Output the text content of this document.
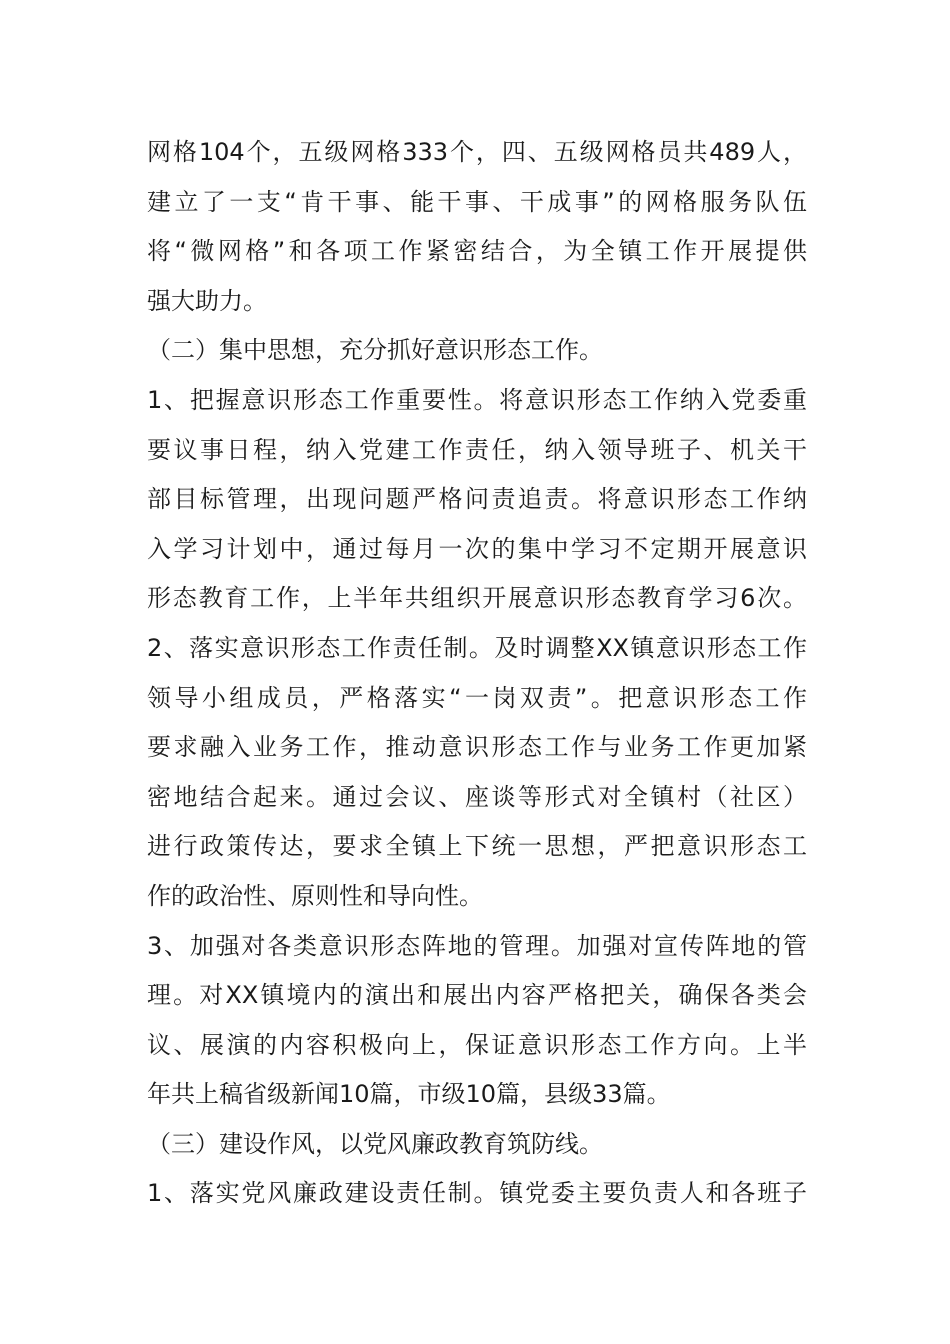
网格104个，五级网格333个，四、五级网格员共489人，
建立了一支“肯干事、能干事、干成事”的网格服务队伍
将“微网格”和各项工作紧密结合，为全镇工作开展提供
强大助力。
（二）集中思想，充分抓好意识形态工作。
1、把握意识形态工作重要性。将意识形态工作纳入党委重
要议事日程，纳入党建工作责任，纳入领导班子、机关干
部目标管理，出现问题严格问责追责。将意识形态工作纳
入学习计划中，通过每月一次的集中学习不定期开展意识
形态教育工作，上半年共组织开展意识形态教育学习6次。
2、落实意识形态工作责任制。及时调整XX镇意识形态工作
领导小组成员，严格落实“一岗双责”。把意识形态工作
要求融入业务工作，推动意识形态工作与业务工作更加紧
密地结合起来。通过会议、座谈等形式对全镇村（社区）
进行政策传达，要求全镇上下统一思想，严把意识形态工
作的政治性、原则性和导向性。
3、加强对各类意识形态阵地的管理。加强对宣传阵地的管
理。对XX镇境内的演出和展出内容严格把关，确保各类会
议、展演的内容积极向上，保证意识形态工作方向。上半
年共上稿省级新闻10篇，市级10篇，县级33篇。
（三）建设作风，以党风廉政教育筑防线。
1、落实党风廉政建设责任制。镇党委主要负责人和各班子
